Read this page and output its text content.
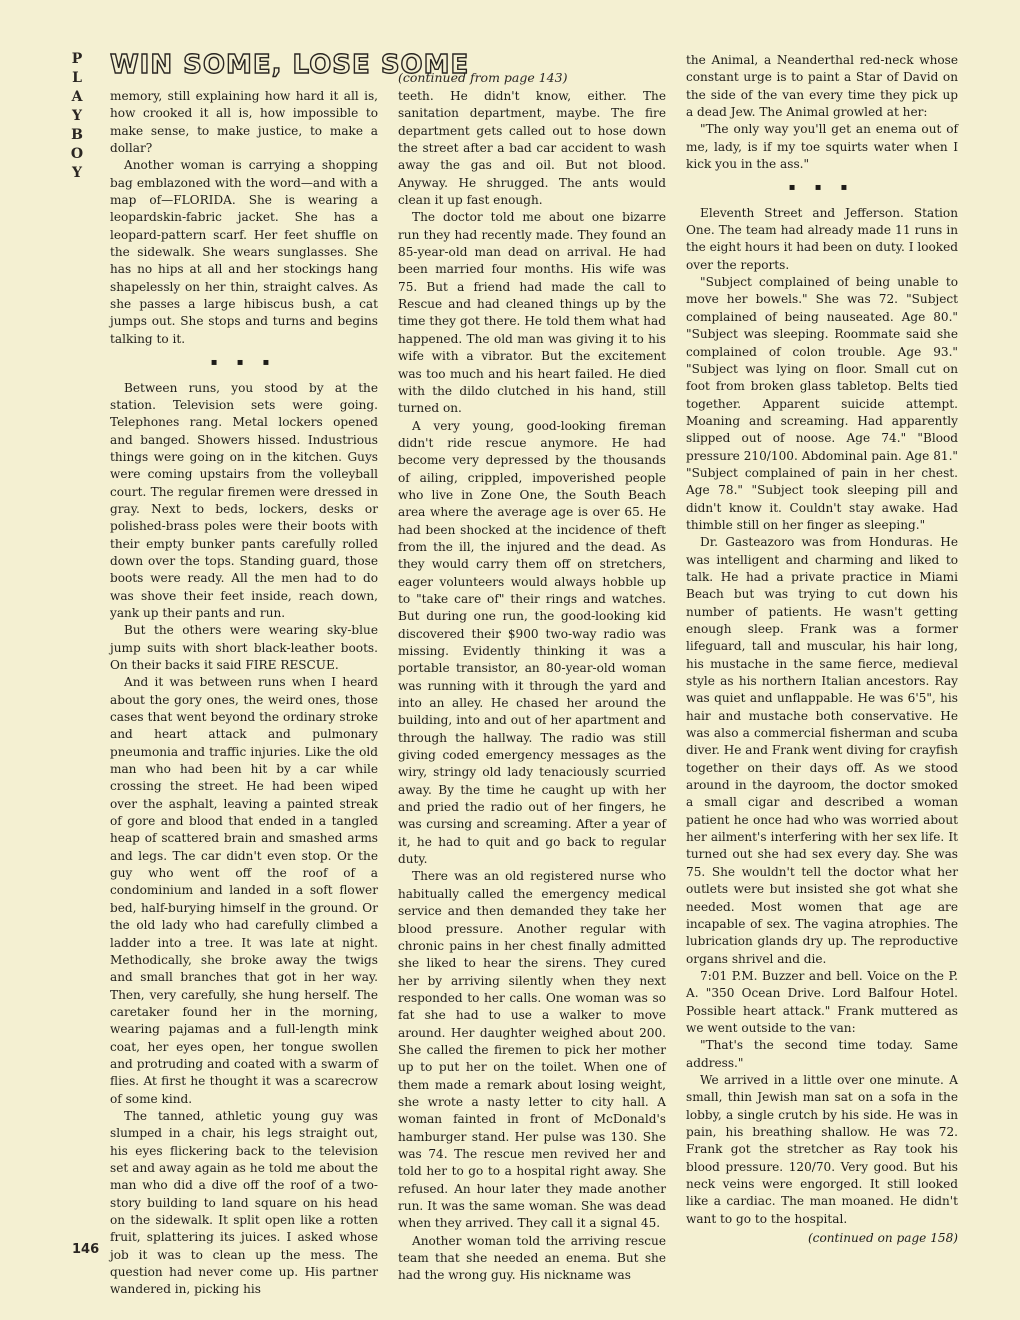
P
L
A
Y
B
O
Y
WIN SOME, LOSE SOME
(continued from page 143)

memory, still explaining how hard it all is, how crooked it all is, how impossible to make sense, to make justice, to make a dollar?

Another woman is carrying a shopping bag emblazoned with the word—and with a map of—FLORIDA. She is wearing a leopardskin-fabric jacket. She has a leopard-pattern scarf. Her feet shuffle on the sidewalk. She wears sunglasses. She has no hips at all and her stockings hang shapelessly on her thin, straight calves. As she passes a large hibiscus bush, a cat jumps out. She stops and turns and begins talking to it.

▪ ▪ ▪

Between runs, you stood by at the station. Television sets were going. Telephones rang. Metal lockers opened and banged. Showers hissed. Industrious things were going on in the kitchen. Guys were coming upstairs from the volleyball court. The regular firemen were dressed in gray. Next to beds, lockers, desks or polished-brass poles were their boots with their empty bunker pants carefully rolled down over the tops. Standing guard, those boots were ready. All the men had to do was shove their feet inside, reach down, yank up their pants and run.

But the others were wearing sky-blue jump suits with short black-leather boots. On their backs it said FIRE RESCUE.

And it was between runs when I heard about the gory ones, the weird ones, those cases that went beyond the ordinary stroke and heart attack and pulmonary pneumonia and traffic injuries. Like the old man who had been hit by a car while crossing the street. He had been wiped over the asphalt, leaving a painted streak of gore and blood that ended in a tangled heap of scattered brain and smashed arms and legs. The car didn't even stop. Or the guy who went off the roof of a condominium and landed in a soft flower bed, half-burying himself in the ground. Or the old lady who had carefully climbed a ladder into a tree. It was late at night. Methodically, she broke away the twigs and small branches that got in her way. Then, very carefully, she hung herself. The caretaker found her in the morning, wearing pajamas and a full-length mink coat, her eyes open, her tongue swollen and protruding and coated with a swarm of flies. At first he thought it was a scarecrow of some kind.

The tanned, athletic young guy was slumped in a chair, his legs straight out, his eyes flickering back to the television set and away again as he told me about the man who did a dive off the roof of a two-story building to land square on his head on the sidewalk. It split open like a rotten fruit, splattering its juices. I asked whose job it was to clean up the mess. The question had never come up. His partner wandered in, picking his

teeth. He didn't know, either. The sanitation department, maybe. The fire department gets called out to hose down the street after a bad car accident to wash away the gas and oil. But not blood. Anyway. He shrugged. The ants would clean it up fast enough.

The doctor told me about one bizarre run they had recently made. They found an 85-year-old man dead on arrival. He had been married four months. His wife was 75. But a friend had made the call to Rescue and had cleaned things up by the time they got there. He told them what had happened. The old man was giving it to his wife with a vibrator. But the excitement was too much and his heart failed. He died with the dildo clutched in his hand, still turned on.

A very young, good-looking fireman didn't ride rescue anymore. He had become very depressed by the thousands of ailing, crippled, impoverished people who live in Zone One, the South Beach area where the average age is over 65. He had been shocked at the incidence of theft from the ill, the injured and the dead. As they would carry them off on stretchers, eager volunteers would always hobble up to "take care of" their rings and watches. But during one run, the good-looking kid discovered their $900 two-way radio was missing. Evidently thinking it was a portable transistor, an 80-year-old woman was running with it through the yard and into an alley. He chased her around the building, into and out of her apartment and through the hallway. The radio was still giving coded emergency messages as the wiry, stringy old lady tenaciously scurried away. By the time he caught up with her and pried the radio out of her fingers, he was cursing and screaming. After a year of it, he had to quit and go back to regular duty.

There was an old registered nurse who habitually called the emergency medical service and then demanded they take her blood pressure. Another regular with chronic pains in her chest finally admitted she liked to hear the sirens. They cured her by arriving silently when they next responded to her calls. One woman was so fat she had to use a walker to move around. Her daughter weighed about 200. She called the firemen to pick her mother up to put her on the toilet. When one of them made a remark about losing weight, she wrote a nasty letter to city hall. A woman fainted in front of McDonald's hamburger stand. Her pulse was 130. She was 74. The rescue men revived her and told her to go to a hospital right away. She refused. An hour later they made another run. It was the same woman. She was dead when they arrived. They call it a signal 45.

Another woman told the arriving rescue team that she needed an enema. But she had the wrong guy. His nickname was

the Animal, a Neanderthal red-neck whose constant urge is to paint a Star of David on the side of the van every time they pick up a dead Jew. The Animal growled at her:

"The only way you'll get an enema out of me, lady, is if my toe squirts water when I kick you in the ass."

▪ ▪ ▪

Eleventh Street and Jefferson. Station One. The team had already made 11 runs in the eight hours it had been on duty. I looked over the reports.

"Subject complained of being unable to move her bowels." She was 72. "Subject complained of being nauseated. Age 80." "Subject was sleeping. Roommate said she complained of colon trouble. Age 93." "Subject was lying on floor. Small cut on foot from broken glass tabletop. Belts tied together. Apparent suicide attempt. Moaning and screaming. Had apparently slipped out of noose. Age 74." "Blood pressure 210/100. Abdominal pain. Age 81." "Subject complained of pain in her chest. Age 78." "Subject took sleeping pill and didn't know it. Couldn't stay awake. Had thimble still on her finger as sleeping."

Dr. Gasteazoro was from Honduras. He was intelligent and charming and liked to talk. He had a private practice in Miami Beach but was trying to cut down his number of patients. He wasn't getting enough sleep. Frank was a former lifeguard, tall and muscular, his hair long, his mustache in the same fierce, medieval style as his northern Italian ancestors. Ray was quiet and unflappable. He was 6'5", his hair and mustache both conservative. He was also a commercial fisherman and scuba diver. He and Frank went diving for crayfish together on their days off. As we stood around in the dayroom, the doctor smoked a small cigar and described a woman patient he once had who was worried about her ailment's interfering with her sex life. It turned out she had sex every day. She was 75. She wouldn't tell the doctor what her outlets were but insisted she got what she needed. Most women that age are incapable of sex. The vagina atrophies. The lubrication glands dry up. The reproductive organs shrivel and die.

7:01 P.M. Buzzer and bell. Voice on the P. A. "350 Ocean Drive. Lord Balfour Hotel. Possible heart attack." Frank muttered as we went outside to the van:

"That's the second time today. Same address."

We arrived in a little over one minute. A small, thin Jewish man sat on a sofa in the lobby, a single crutch by his side. He was in pain, his breathing shallow. He was 72. Frank got the stretcher as Ray took his blood pressure. 120/70. Very good. But his neck veins were engorged. It still looked like a cardiac. The man moaned. He didn't want to go to the hospital.

(continued on page 158)

146
